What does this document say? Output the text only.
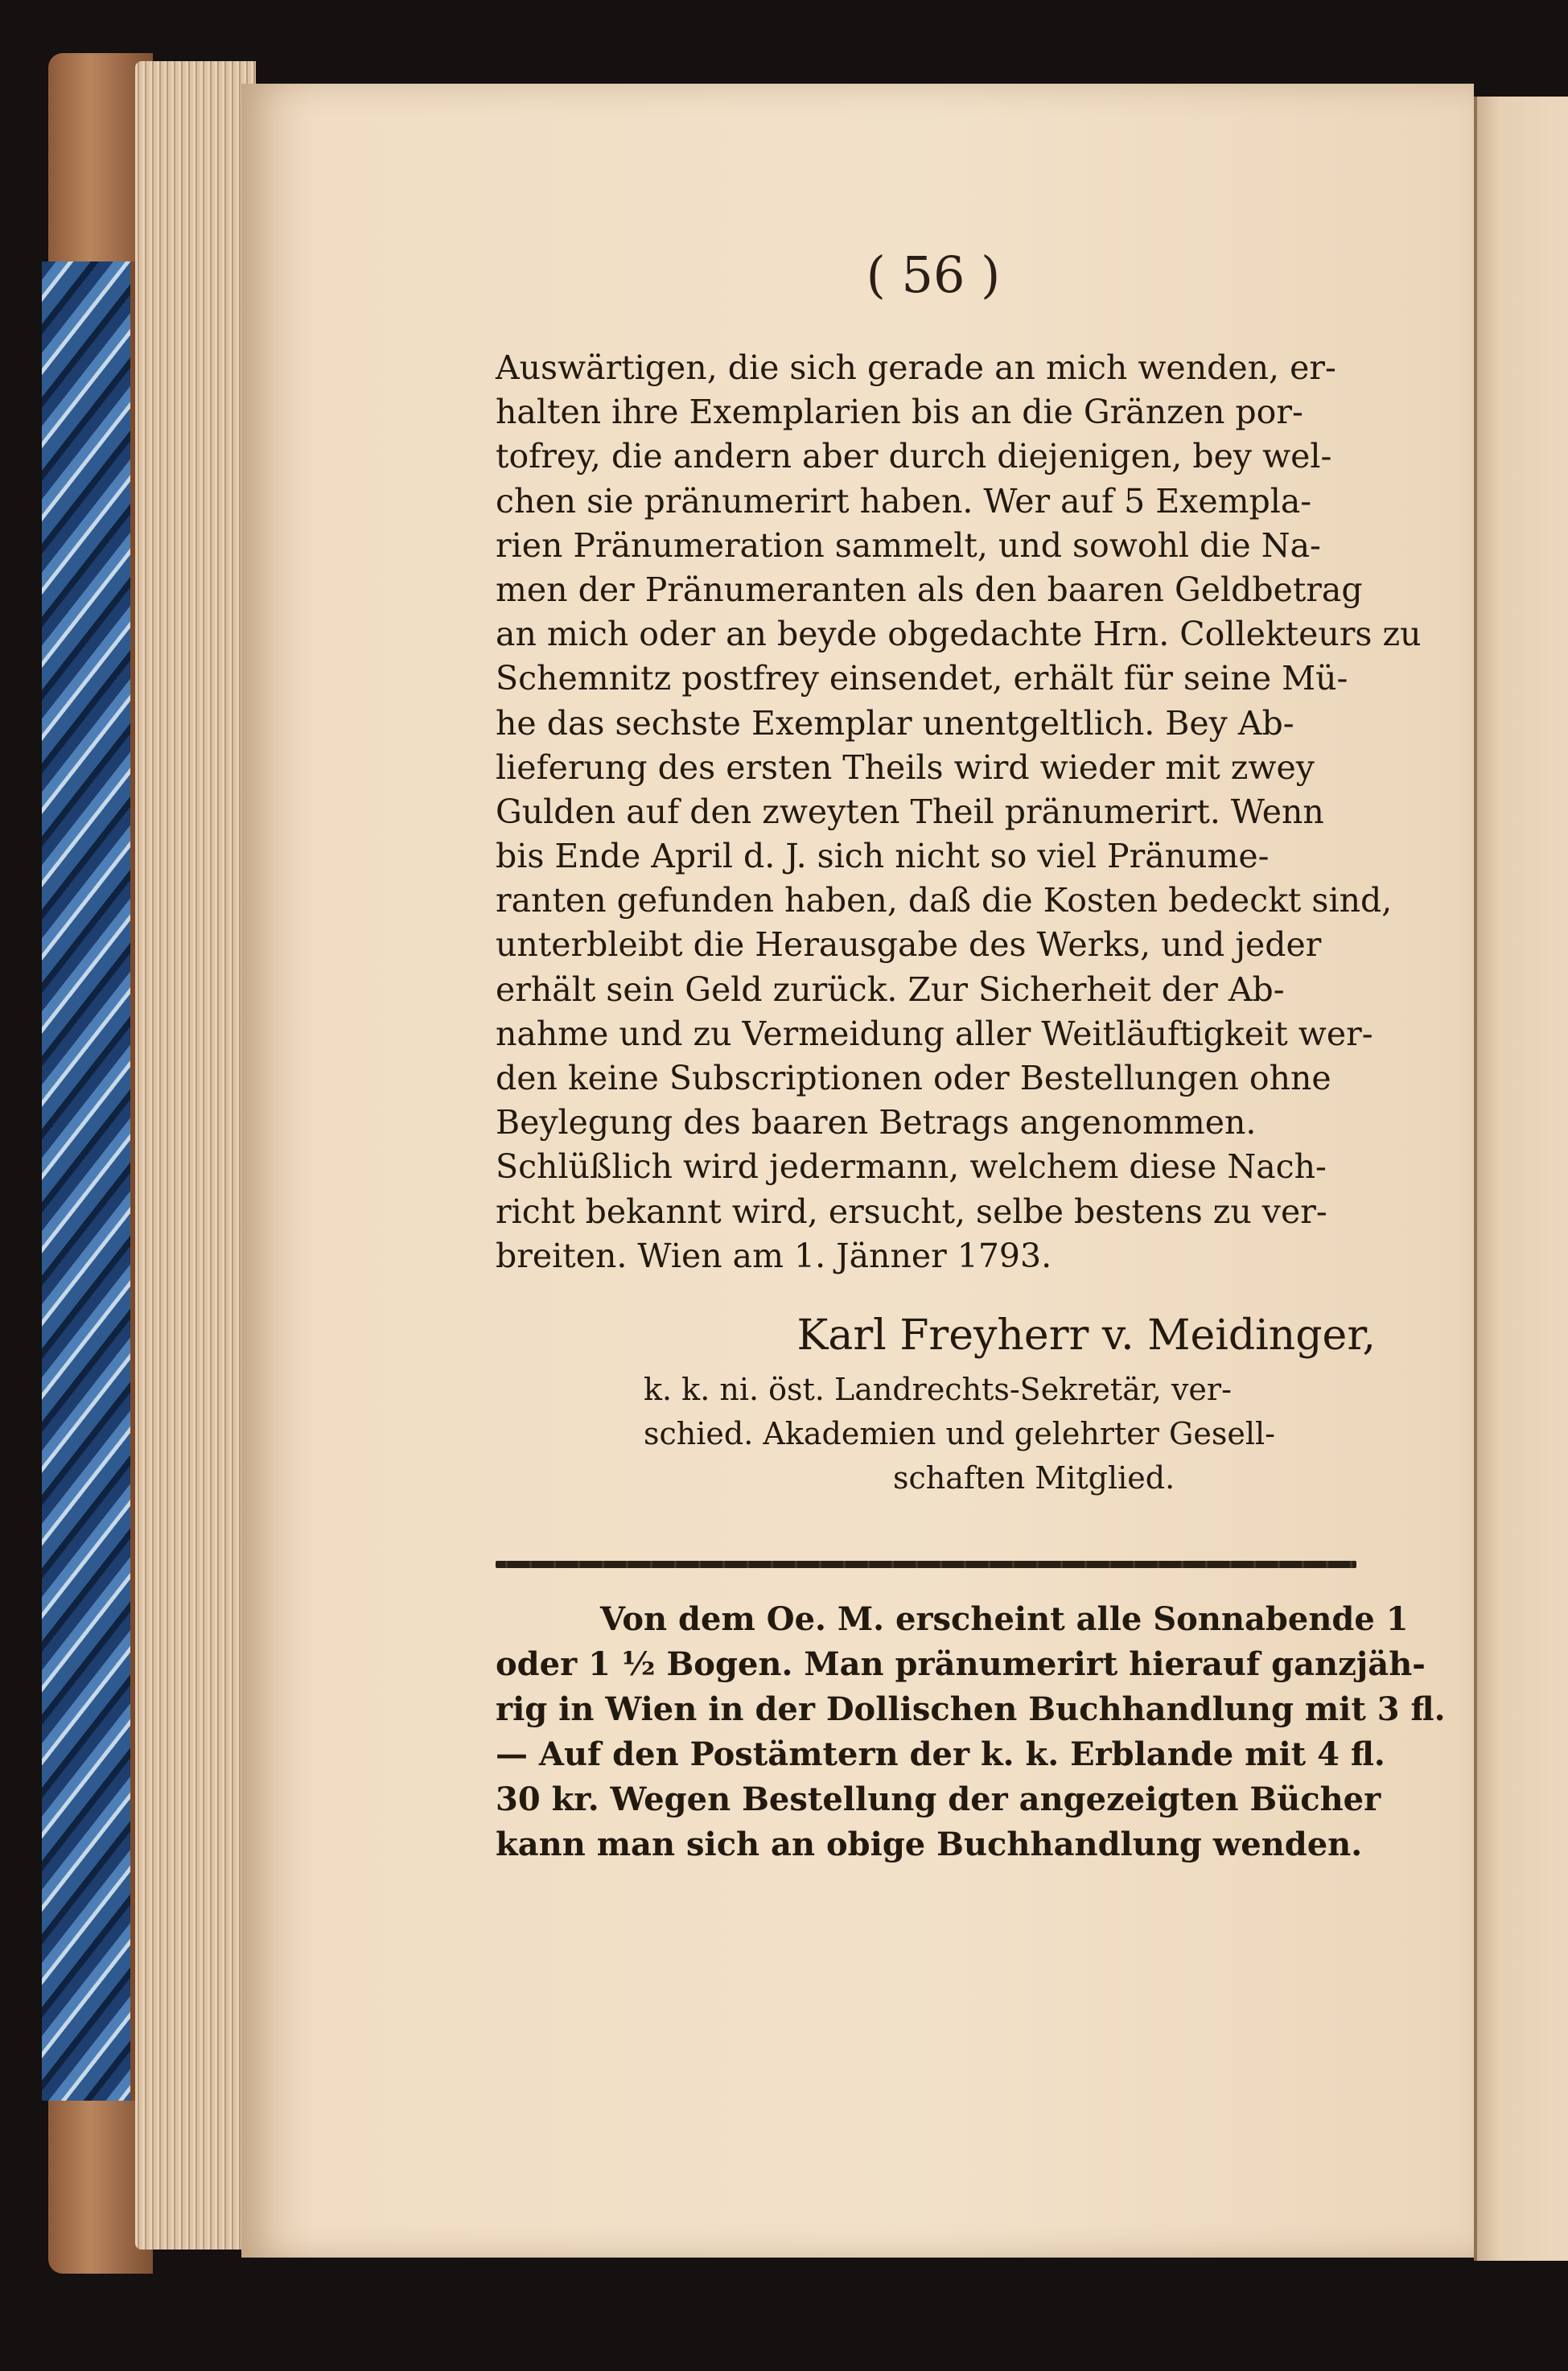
( 56 )
Auswärtigen, die sich gerade an mich wenden, er-
halten ihre Exemplarien bis an die Gränzen por-
tofrey, die andern aber durch diejenigen, bey wel-
chen sie pränumerirt haben. Wer auf 5 Exempla-
rien Pränumeration sammelt, und sowohl die Na-
men der Pränumeranten als den baaren Geldbetrag
an mich oder an beyde obgedachte Hrn. Collekteurs zu
Schemnitz postfrey einsendet, erhält für seine Mü-
he das sechste Exemplar unentgeltlich. Bey Ab-
lieferung des ersten Theils wird wieder mit zwey
Gulden auf den zweyten Theil pränumerirt. Wenn
bis Ende April d. J. sich nicht so viel Pränume-
ranten gefunden haben, daß die Kosten bedeckt sind,
unterbleibt die Herausgabe des Werks, und jeder
erhält sein Geld zurück. Zur Sicherheit der Ab-
nahme und zu Vermeidung aller Weitläuftigkeit wer-
den keine Subscriptionen oder Bestellungen ohne
Beylegung des baaren Betrags angenommen.
Schlüßlich wird jedermann, welchem diese Nach-
richt bekannt wird, ersucht, selbe bestens zu ver-
breiten. Wien am 1. Jänner 1793.
Karl Freyherr v. Meidinger,
k. k. ni. öst. Landrechts-Sekretär, ver-
schied. Akademien und gelehrter Gesell-
schaften Mitglied.
Von dem Oe. M. erscheint alle Sonnabende 1
oder 1 ½ Bogen. Man pränumerirt hierauf ganzjäh-
rig in Wien in der Dollischen Buchhandlung mit 3 fl.
— Auf den Postämtern der k. k. Erblande mit 4 fl.
30 kr. Wegen Bestellung der angezeigten Bücher
kann man sich an obige Buchhandlung wenden.
